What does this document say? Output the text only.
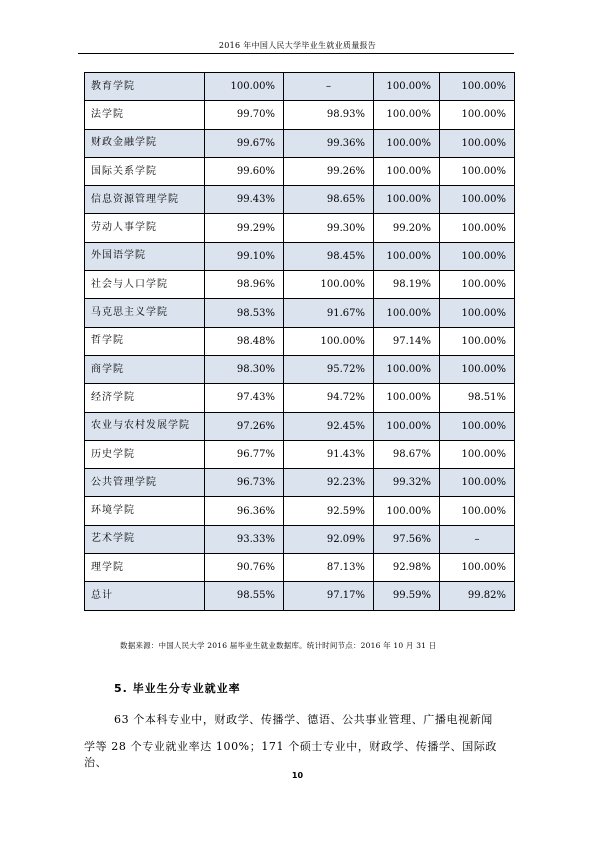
2016 年中国人民大学毕业生就业质量报告
教育学院	100.00%	–	100.00%	100.00%
法学院	99.70%	98.93%	100.00%	100.00%
财政金融学院	99.67%	99.36%	100.00%	100.00%
国际关系学院	99.60%	99.26%	100.00%	100.00%
信息资源管理学院	99.43%	98.65%	100.00%	100.00%
劳动人事学院	99.29%	99.30%	99.20%	100.00%
外国语学院	99.10%	98.45%	100.00%	100.00%
社会与人口学院	98.96%	100.00%	98.19%	100.00%
马克思主义学院	98.53%	91.67%	100.00%	100.00%
哲学院	98.48%	100.00%	97.14%	100.00%
商学院	98.30%	95.72%	100.00%	100.00%
经济学院	97.43%	94.72%	100.00%	98.51%
农业与农村发展学院	97.26%	92.45%	100.00%	100.00%
历史学院	96.77%	91.43%	98.67%	100.00%
公共管理学院	96.73%	92.23%	99.32%	100.00%
环境学院	96.36%	92.59%	100.00%	100.00%
艺术学院	93.33%	92.09%	97.56%	–
理学院	90.76%	87.13%	92.98%	100.00%
总计	98.55%	97.17%	99.59%	99.82%
数据来源：中国人民大学 2016 届毕业生就业数据库。统计时间节点：2016 年 10 月 31 日
5. 毕业生分专业就业率
63 个本科专业中，财政学、传播学、德语、公共事业管理、广播电视新闻
学等 28 个专业就业率达 100%；171 个硕士专业中，财政学、传播学、国际政治、
10
